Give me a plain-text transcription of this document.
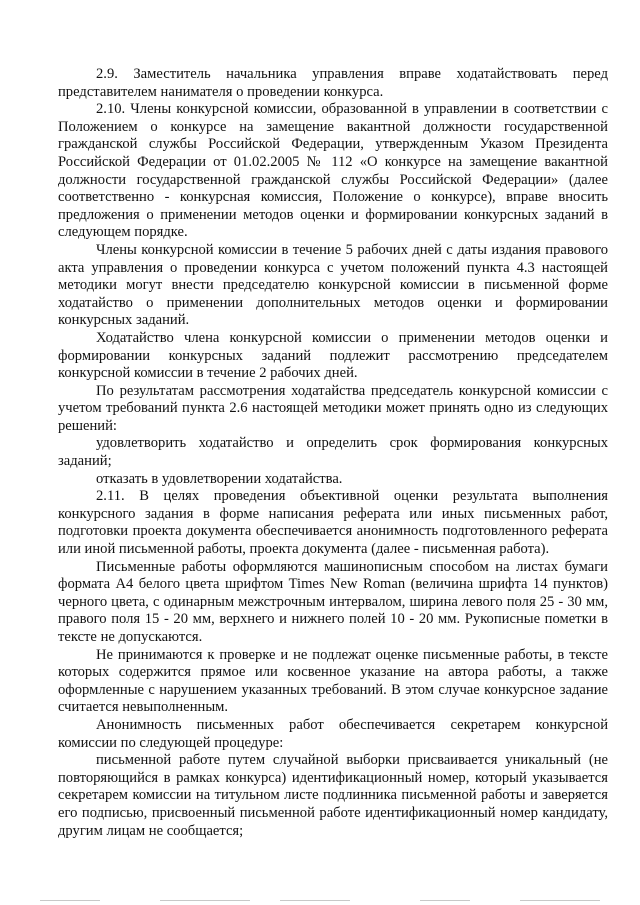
2.9. Заместитель начальника управления вправе ходатайствовать перед представителем нанимателя о проведении конкурса.

2.10. Члены конкурсной комиссии, образованной в управлении в соответствии с Положением о конкурсе на замещение вакантной должности государственной гражданской службы Российской Федерации, утвержденным Указом Президента Российской Федерации от 01.02.2005 № 112 «О конкурсе на замещение вакантной должности государственной гражданской службы Российской Федерации» (далее соответственно - конкурсная комиссия, Положение о конкурсе), вправе вносить предложения о применении методов оценки и формировании конкурсных заданий в следующем порядке.

Члены конкурсной комиссии в течение 5 рабочих дней с даты издания правового акта управления о проведении конкурса с учетом положений пункта 4.3 настоящей методики могут внести председателю конкурсной комиссии в письменной форме ходатайство о применении дополнительных методов оценки и формировании конкурсных заданий.

Ходатайство члена конкурсной комиссии о применении методов оценки и формировании конкурсных заданий подлежит рассмотрению председателем конкурсной комиссии в течение 2 рабочих дней.

По результатам рассмотрения ходатайства председатель конкурсной комиссии с учетом требований пункта 2.6 настоящей методики может принять одно из следующих решений:

удовлетворить ходатайство и определить срок формирования конкурсных заданий;

отказать в удовлетворении ходатайства.

2.11. В целях проведения объективной оценки результата выполнения конкурсного задания в форме написания реферата или иных письменных работ, подготовки проекта документа обеспечивается анонимность подготовленного реферата или иной письменной работы, проекта документа (далее - письменная работа).

Письменные работы оформляются машинописным способом на листах бумаги формата А4 белого цвета шрифтом Times New Roman (величина шрифта 14 пунктов) черного цвета, с одинарным межстрочным интервалом, ширина левого поля 25 - 30 мм, правого поля 15 - 20 мм, верхнего и нижнего полей 10 - 20 мм. Рукописные пометки в тексте не допускаются.

Не принимаются к проверке и не подлежат оценке письменные работы, в тексте которых содержится прямое или косвенное указание на автора работы, а также оформленные с нарушением указанных требований. В этом случае конкурсное задание считается невыполненным.

Анонимность письменных работ обеспечивается секретарем конкурсной комиссии по следующей процедуре:

письменной работе путем случайной выборки присваивается уникальный (не повторяющийся в рамках конкурса) идентификационный номер, который указывается секретарем комиссии на титульном листе подлинника письменной работы и заверяется его подписью, присвоенный письменной работе идентификационный номер кандидату, другим лицам не сообщается;
